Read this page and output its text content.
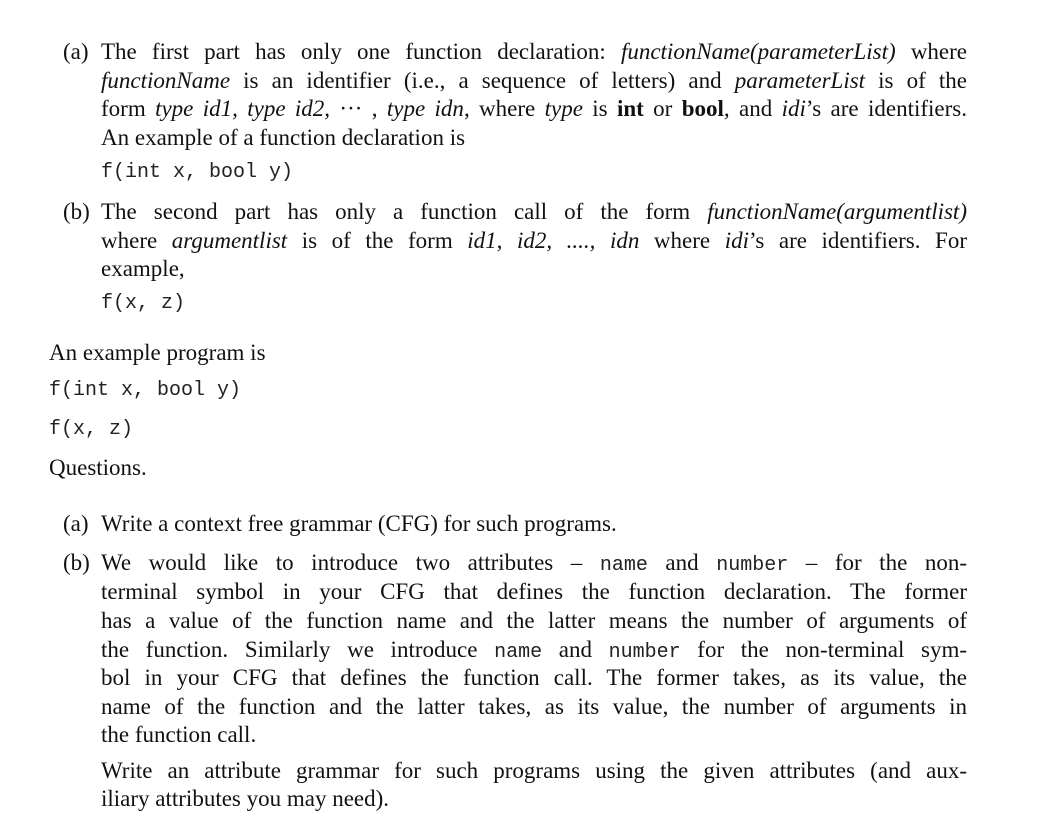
(a) The first part has only one function declaration: functionName(parameterList) where
functionName is an identifier (i.e., a sequence of letters) and parameterList is of the
form type id1, type id2, ··· , type idn, where type is int or bool, and idi’s are identifiers.
An example of a function declaration is
f(int x, bool y)
(b) The second part has only a function call of the form functionName(argumentlist)
where argumentlist is of the form id1, id2, ...., idn where idi’s are identifiers. For
example,
f(x, z)
An example program is
f(int x, bool y)
f(x, z)
Questions.
(a) Write a context free grammar (CFG) for such programs.
(b) We would like to introduce two attributes – name and number – for the non-
terminal symbol in your CFG that defines the function declaration. The former
has a value of the function name and the latter means the number of arguments of
the function. Similarly we introduce name and number for the non-terminal sym-
bol in your CFG that defines the function call. The former takes, as its value, the
name of the function and the latter takes, as its value, the number of arguments in
the function call.
Write an attribute grammar for such programs using the given attributes (and aux-
iliary attributes you may need).
